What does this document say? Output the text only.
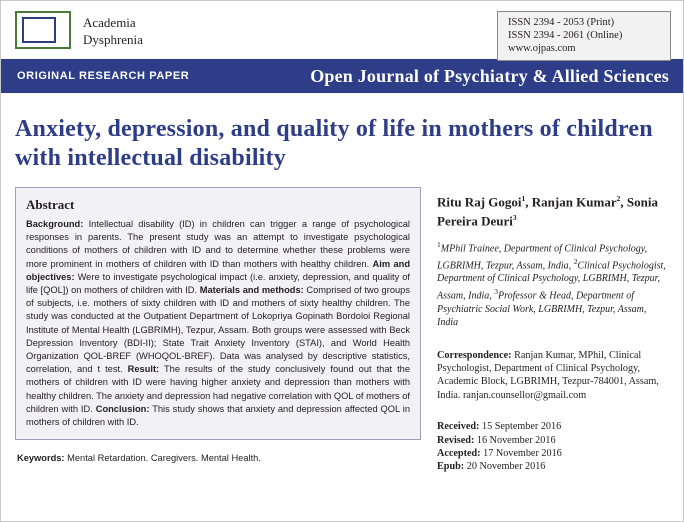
Academia
Dysphrenia
ISSN 2394 - 2053 (Print)
ISSN 2394 - 2061 (Online)
www.ojpas.com
ORIGINAL RESEARCH PAPER	Open Journal of Psychiatry & Allied Sciences
Anxiety, depression, and quality of life in mothers of children with intellectual disability
Abstract
Background: Intellectual disability (ID) in children can trigger a range of psychological responses in parents. The present study was an attempt to investigate psychological conditions of mothers of children with ID and to determine whether these problems were more prominent in mothers of children with ID than mothers with healthy children. Aim and objectives: Were to investigate psychological impact (i.e. anxiety, depression, and quality of life [QOL]) on mothers of children with ID. Materials and methods: Comprised of two groups of subjects, i.e. mothers of sixty children with ID and mothers of sixty healthy children. The study was conducted at the Outpatient Department of Lokopriya Gopinath Bordoloi Regional Institute of Mental Health (LGBRIMH), Tezpur, Assam. Both groups were assessed with Beck Depression Inventory (BDI-II); State Trait Anxiety Inventory (STAI), and World Health Organization QOL-BREF (WHOQOL-BREF). Data was analysed by descriptive statistics, correlation, and t test. Result: The results of the study conclusively found out that the mothers of children with ID were having higher anxiety and depression than mothers with healthy children. The anxiety and depression had negative correlation with QOL of mothers of children with ID. Conclusion: This study shows that anxiety and depression affected QOL in mothers of children with ID.
Keywords: Mental Retardation. Caregivers. Mental Health.
Ritu Raj Gogoi$^1$, Ranjan Kumar$^2$, Sonia Pereira Deuri$^3$
$^1$MPhil Trainee, Department of Clinical Psychology, LGBRIMH, Tezpur, Assam, India, $^2$Clinical Psychologist, Department of Clinical Psychology, LGBRIMH, Tezpur, Assam, India, $^3$Professor & Head, Department of Psychiatric Social Work, LGBRIMH, Tezpur, Assam, India
Correspondence: Ranjan Kumar, MPhil, Clinical Psychologist, Department of Clinical Psychology, Academic Block, LGBRIMH, Tezpur-784001, Assam, India. ranjan.counsellor@gmail.com
Received: 15 September 2016
Revised: 16 November 2016
Accepted: 17 November 2016
Epub: 20 November 2016
